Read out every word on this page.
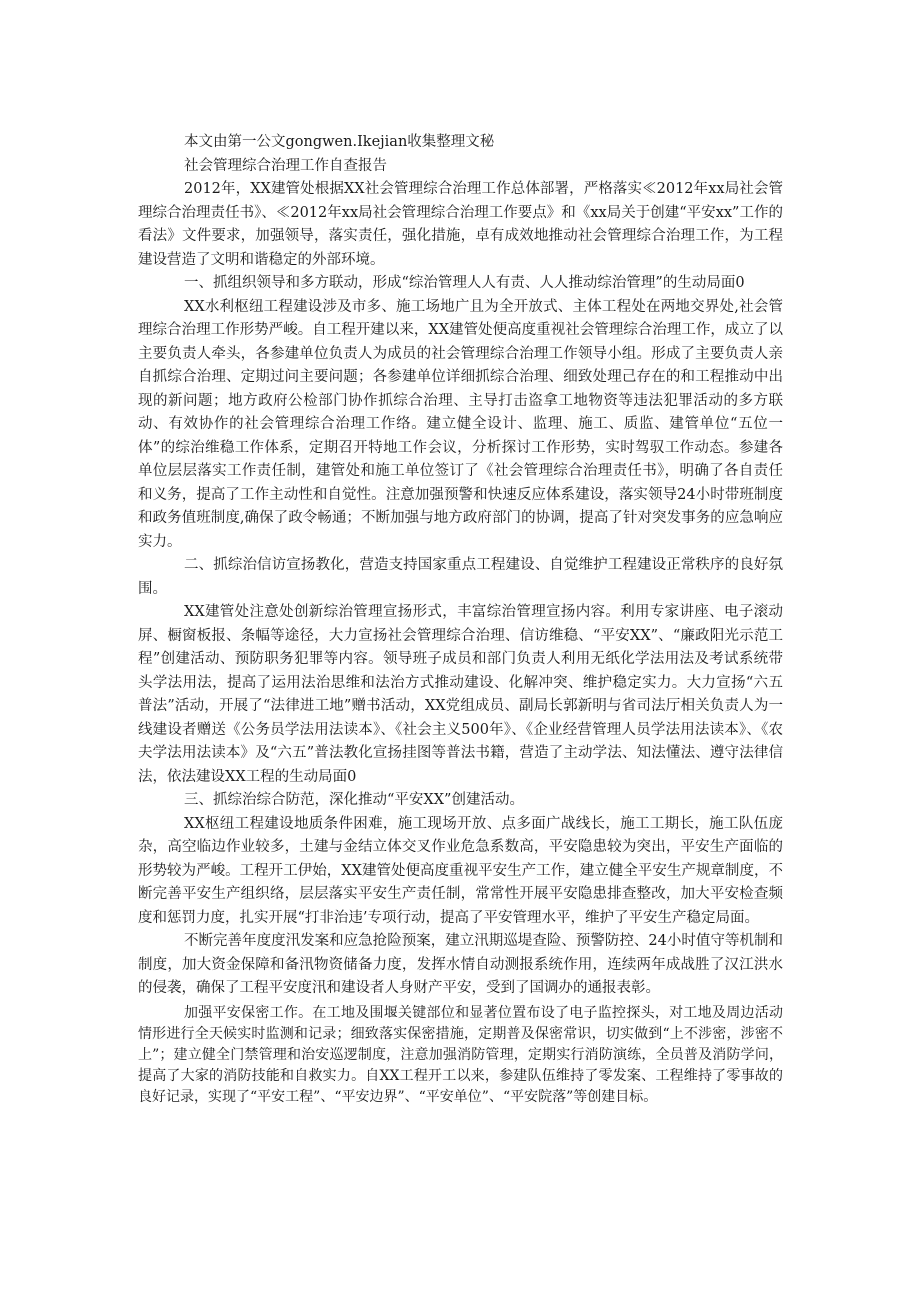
本文由第一公文gongwen.Ikejian收集整理文秘

社会管理综合治理工作自查报告

2012年，XX建管处根据XX社会管理综合治理工作总体部署，严格落实≪2012年xx局社会管理综合治理责任书》、≪2012年xx局社会管理综合治理工作要点》和《xx局关于创建“平安xx”工作的看法》文件要求，加强领导，落实责任，强化措施，卓有成效地推动社会管理综合治理工作，为工程建设营造了文明和谐稳定的外部环境。

一、抓组织领导和多方联动，形成“综治管理人人有责、人人推动综治管理”的生动局面0

XX水利枢纽工程建设涉及市多、施工场地广且为全开放式、主体工程处在两地交界处,社会管理综合治理工作形势严峻。自工程开建以来，XX建管处便高度重视社会管理综合治理工作，成立了以主要负责人牵头，各参建单位负责人为成员的社会管理综合治理工作领导小组。形成了主要负责人亲自抓综合治理、定期过问主要问题；各参建单位详细抓综合治理、细致处理己存在的和工程推动中出现的新问题；地方政府公检部门协作抓综合治理、主导打击盗拿工地物资等违法犯罪活动的多方联动、有效协作的社会管理综合治理工作络。建立健全设计、监理、施工、质监、建管单位“五位一体”的综治维稳工作体系，定期召开特地工作会议，分析探讨工作形势，实时驾驭工作动态。参建各单位层层落实工作责任制，建管处和施工单位签订了《社会管理综合治理责任书》，明确了各自责任和义务，提高了工作主动性和自觉性。注意加强预警和快速反应体系建设，落实领导24小时带班制度和政务值班制度,确保了政令畅通；不断加强与地方政府部门的协调，提高了针对突发事务的应急响应实力。

二、抓综治信访宣扬教化，营造支持国家重点工程建设、自觉维护工程建设正常秩序的良好氛围。

XX建管处注意处创新综治管理宣扬形式，丰富综治管理宣扬内容。利用专家讲座、电子滚动屏、橱窗板报、条幅等途径，大力宣扬社会管理综合治理、信访维稳、“平安XX”、“廉政阳光示范工程”创建活动、预防职务犯罪等内容。领导班子成员和部门负责人利用无纸化学法用法及考试系统带头学法用法，提高了运用法治思维和法治方式推动建设、化解冲突、维护稳定实力。大力宣扬“六五普法”活动，开展了“法律进工地”赠书活动，XX党组成员、副局长郭新明与省司法厅相关负责人为一线建设者赠送《公务员学法用法读本》、《社会主义500年》、《企业经营管理人员学法用法读本》、《农夫学法用法读本》及“六五”普法教化宣扬挂图等普法书籍，营造了主动学法、知法懂法、遵守法律信法，依法建设XX工程的生动局面0

三、抓综治综合防范，深化推动“平安XX”创建活动。

XX枢纽工程建设地质条件困难，施工现场开放、点多面广战线长，施工工期长，施工队伍庞杂，高空临边作业较多，土建与金结立体交叉作业危急系数高，平安隐患较为突出，平安生产面临的形势较为严峻。工程开工伊始，XX建管处便高度重视平安生产工作，建立健全平安生产规章制度，不断完善平安生产组织络，层层落实平安生产责任制，常常性开展平安隐患排查整改，加大平安检查频度和惩罚力度，扎实开展“打非治违’专项行动，提高了平安管理水平，维护了平安生产稳定局面。

不断完善年度度汛发案和应急抢险预案，建立汛期巡堤查险、预警防控、24小时值守等机制和制度，加大资金保障和备汛物资储备力度，发挥水情自动测报系统作用，连续两年成战胜了汉江洪水的侵袭，确保了工程平安度汛和建设者人身财产平安，受到了国调办的通报表彰。

加强平安保密工作。在工地及围堰关键部位和显著位置布设了电子监控探头，对工地及周边活动情形进行全天候实时监测和记录；细致落实保密措施，定期普及保密常识，切实做到“上不涉密，涉密不上”；建立健全门禁管理和治安巡逻制度，注意加强消防管理，定期实行消防演练，全员普及消防学问，提高了大家的消防技能和自救实力。自XX工程开工以来，参建队伍维持了零发案、工程维持了零事故的良好记录，实现了“平安工程”、“平安边界”、“平安单位”、“平安院落”等创建目标。
